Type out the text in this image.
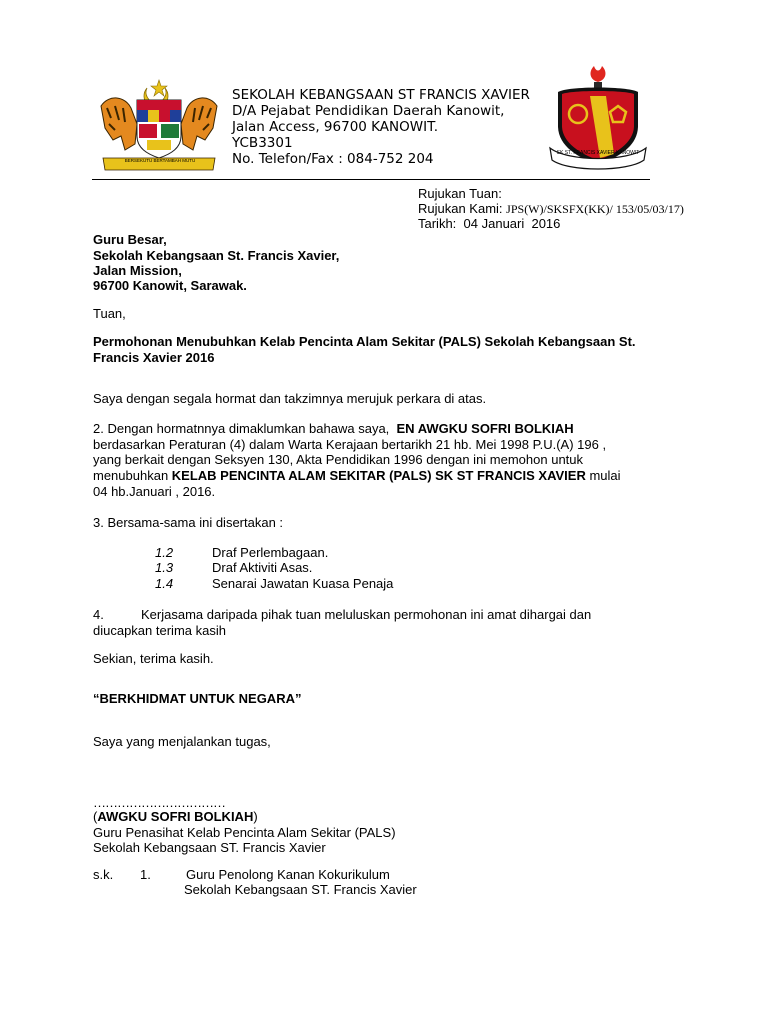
BERSEKUTU BERTAMBAH MUTU
SEKOLAH KEBANGSAAN ST FRANCIS XAVIER
D/A Pejabat Pendidikan Daerah Kanowit,
Jalan Access, 96700 KANOWIT.
YCB3301
No. Telefon/Fax : 084-752 204	SK ST. FRANCIS XAVIER KANOWIT
Rujukan Tuan:
Rujukan Kami: JPS(W)/SKSFX(KK)/ 153/05/03/17)
Tarikh: 04 Januari  2016
Guru Besar,
Sekolah Kebangsaan St. Francis Xavier,
Jalan Mission,
96700 Kanowit, Sarawak.
Tuan,
Permohonan Menubuhkan Kelab Pencinta Alam Sekitar (PALS) Sekolah Kebangsaan St.
Francis Xavier 2016
Saya dengan segala hormat dan takzimnya merujuk perkara di atas.
2. Dengan hormatnnya dimaklumkan bahawa saya,  EN AWGKU SOFRI BOLKIAH
berdasarkan Peraturan (4) dalam Warta Kerajaan bertarikh 21 hb. Mei 1998 P.U.(A) 196 ,
yang berkait dengan Seksyen 130, Akta Pendidikan 1996 dengan ini memohon untuk
menubuhkan KELAB PENCINTA ALAM SEKITAR (PALS) SK ST FRANCIS XAVIER mulai
04 hb.Januari , 2016.
3. Bersama-sama ini disertakan :
1.2	Draf Perlembagaan.
1.3	Draf Aktiviti Asas.
1.4	Senarai Jawatan Kuasa Penaja
4.	Kerjasama daripada pihak tuan meluluskan permohonan ini amat dihargai dan
diucapkan terima kasih
Sekian, terima kasih.
“BERKHIDMAT UNTUK NEGARA”
Saya yang menjalankan tugas,
……………………………
(AWGKU SOFRI BOLKIAH)
Guru Penasihat Kelab Pencinta Alam Sekitar (PALS)
Sekolah Kebangsaan ST. Francis Xavier
s.k. 1.	Guru Penolong Kanan Kokurikulum
Sekolah Kebangsaan ST. Francis Xavier
